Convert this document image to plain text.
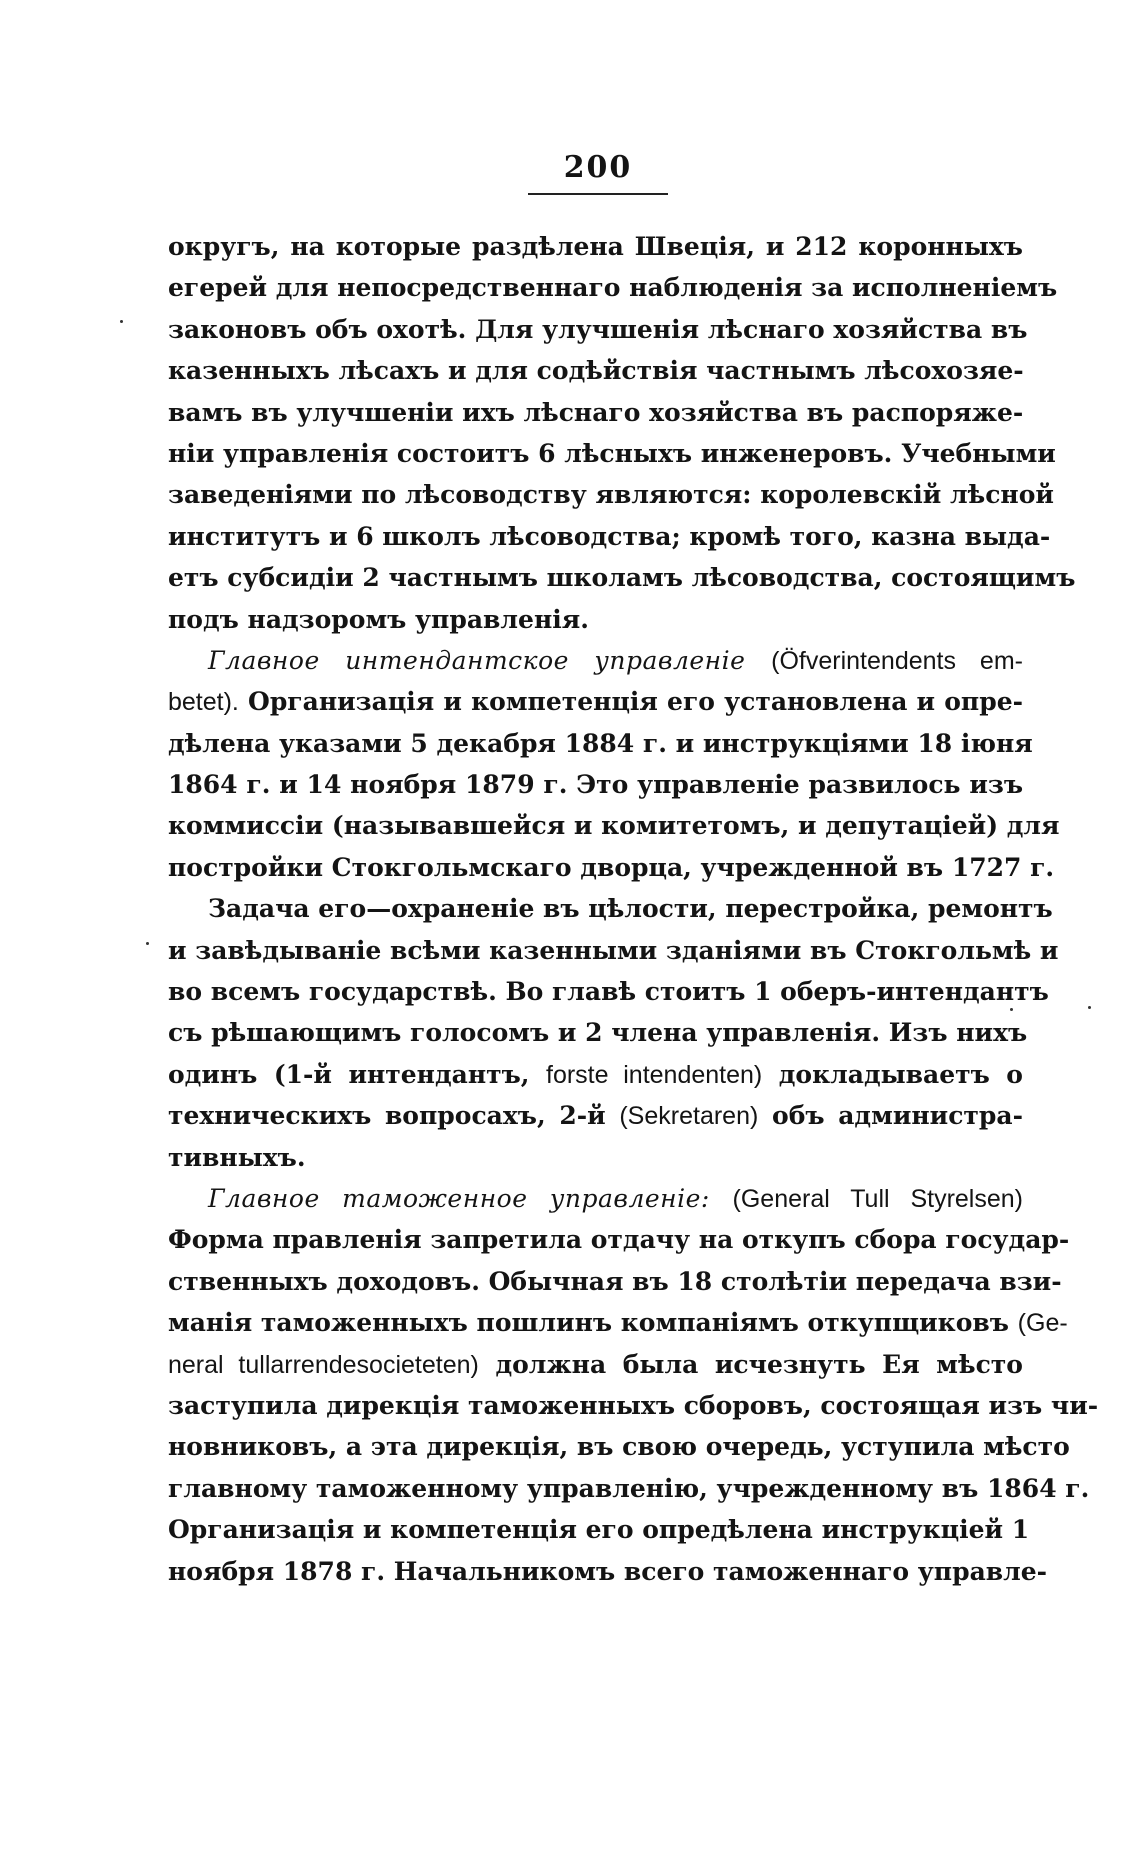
200
округъ, на которые раздѣлена Швеція, и 212 коронныхъ
егерей для непосредственнаго наблюденія за исполненіемъ
законовъ объ охотѣ. Для улучшенія лѣснаго хозяйства въ
казенныхъ лѣсахъ и для содѣйствія частнымъ лѣсохозяе-
вамъ въ улучшеніи ихъ лѣснаго хозяйства въ распоряже-
ніи управленія состоитъ 6 лѣсныхъ инженеровъ. Учебными
заведеніями по лѣсоводству являются: королевскій лѣсной
институтъ и 6 школъ лѣсоводства; кромѣ того, казна выда-
етъ субсидіи 2 частнымъ школамъ лѣсоводства, состоящимъ
подъ надзоромъ управленія.
Главное интендантское управленіе (Öfverintendents em-
betet). Организація и компетенція его установлена и опре-
дѣлена указами 5 декабря 1884 г. и инструкціями 18 іюня
1864 г. и 14 ноября 1879 г. Это управленіе развилось изъ
коммиссіи (называвшейся и комитетомъ, и депутаціей) для
постройки Стокгольмскаго дворца, учрежденной въ 1727 г.
Задача его—охраненіе въ цѣлости, перестройка, ремонтъ
и завѣдываніе всѣми казенными зданіями въ Стокгольмѣ и
во всемъ государствѣ. Во главѣ стоитъ 1 оберъ-интендантъ
съ рѣшающимъ голосомъ и 2 члена управленія. Изъ нихъ
одинъ (1-й интендантъ, forste intendenten) докладываетъ о
техническихъ вопросахъ, 2-й (Sekretaren) объ администра-
тивныхъ.
Главное таможенное управленіе: (General Tull Styrelsen)
Форма правленія запретила отдачу на откупъ сбора государ-
ственныхъ доходовъ. Обычная въ 18 столѣтіи передача взи-
манія таможенныхъ пошлинъ компаніямъ откупщиковъ (Ge-
neral tullarrendesocieteten) должна была исчезнуть Ея мѣсто
заступила дирекція таможенныхъ сборовъ, состоящая изъ чи-
новниковъ, а эта дирекція, въ свою очередь, уступила мѣсто
главному таможенному управленію, учрежденному въ 1864 г.
Организація и компетенція его опредѣлена инструкціей 1
ноября 1878 г. Начальникомъ всего таможеннаго управле-
